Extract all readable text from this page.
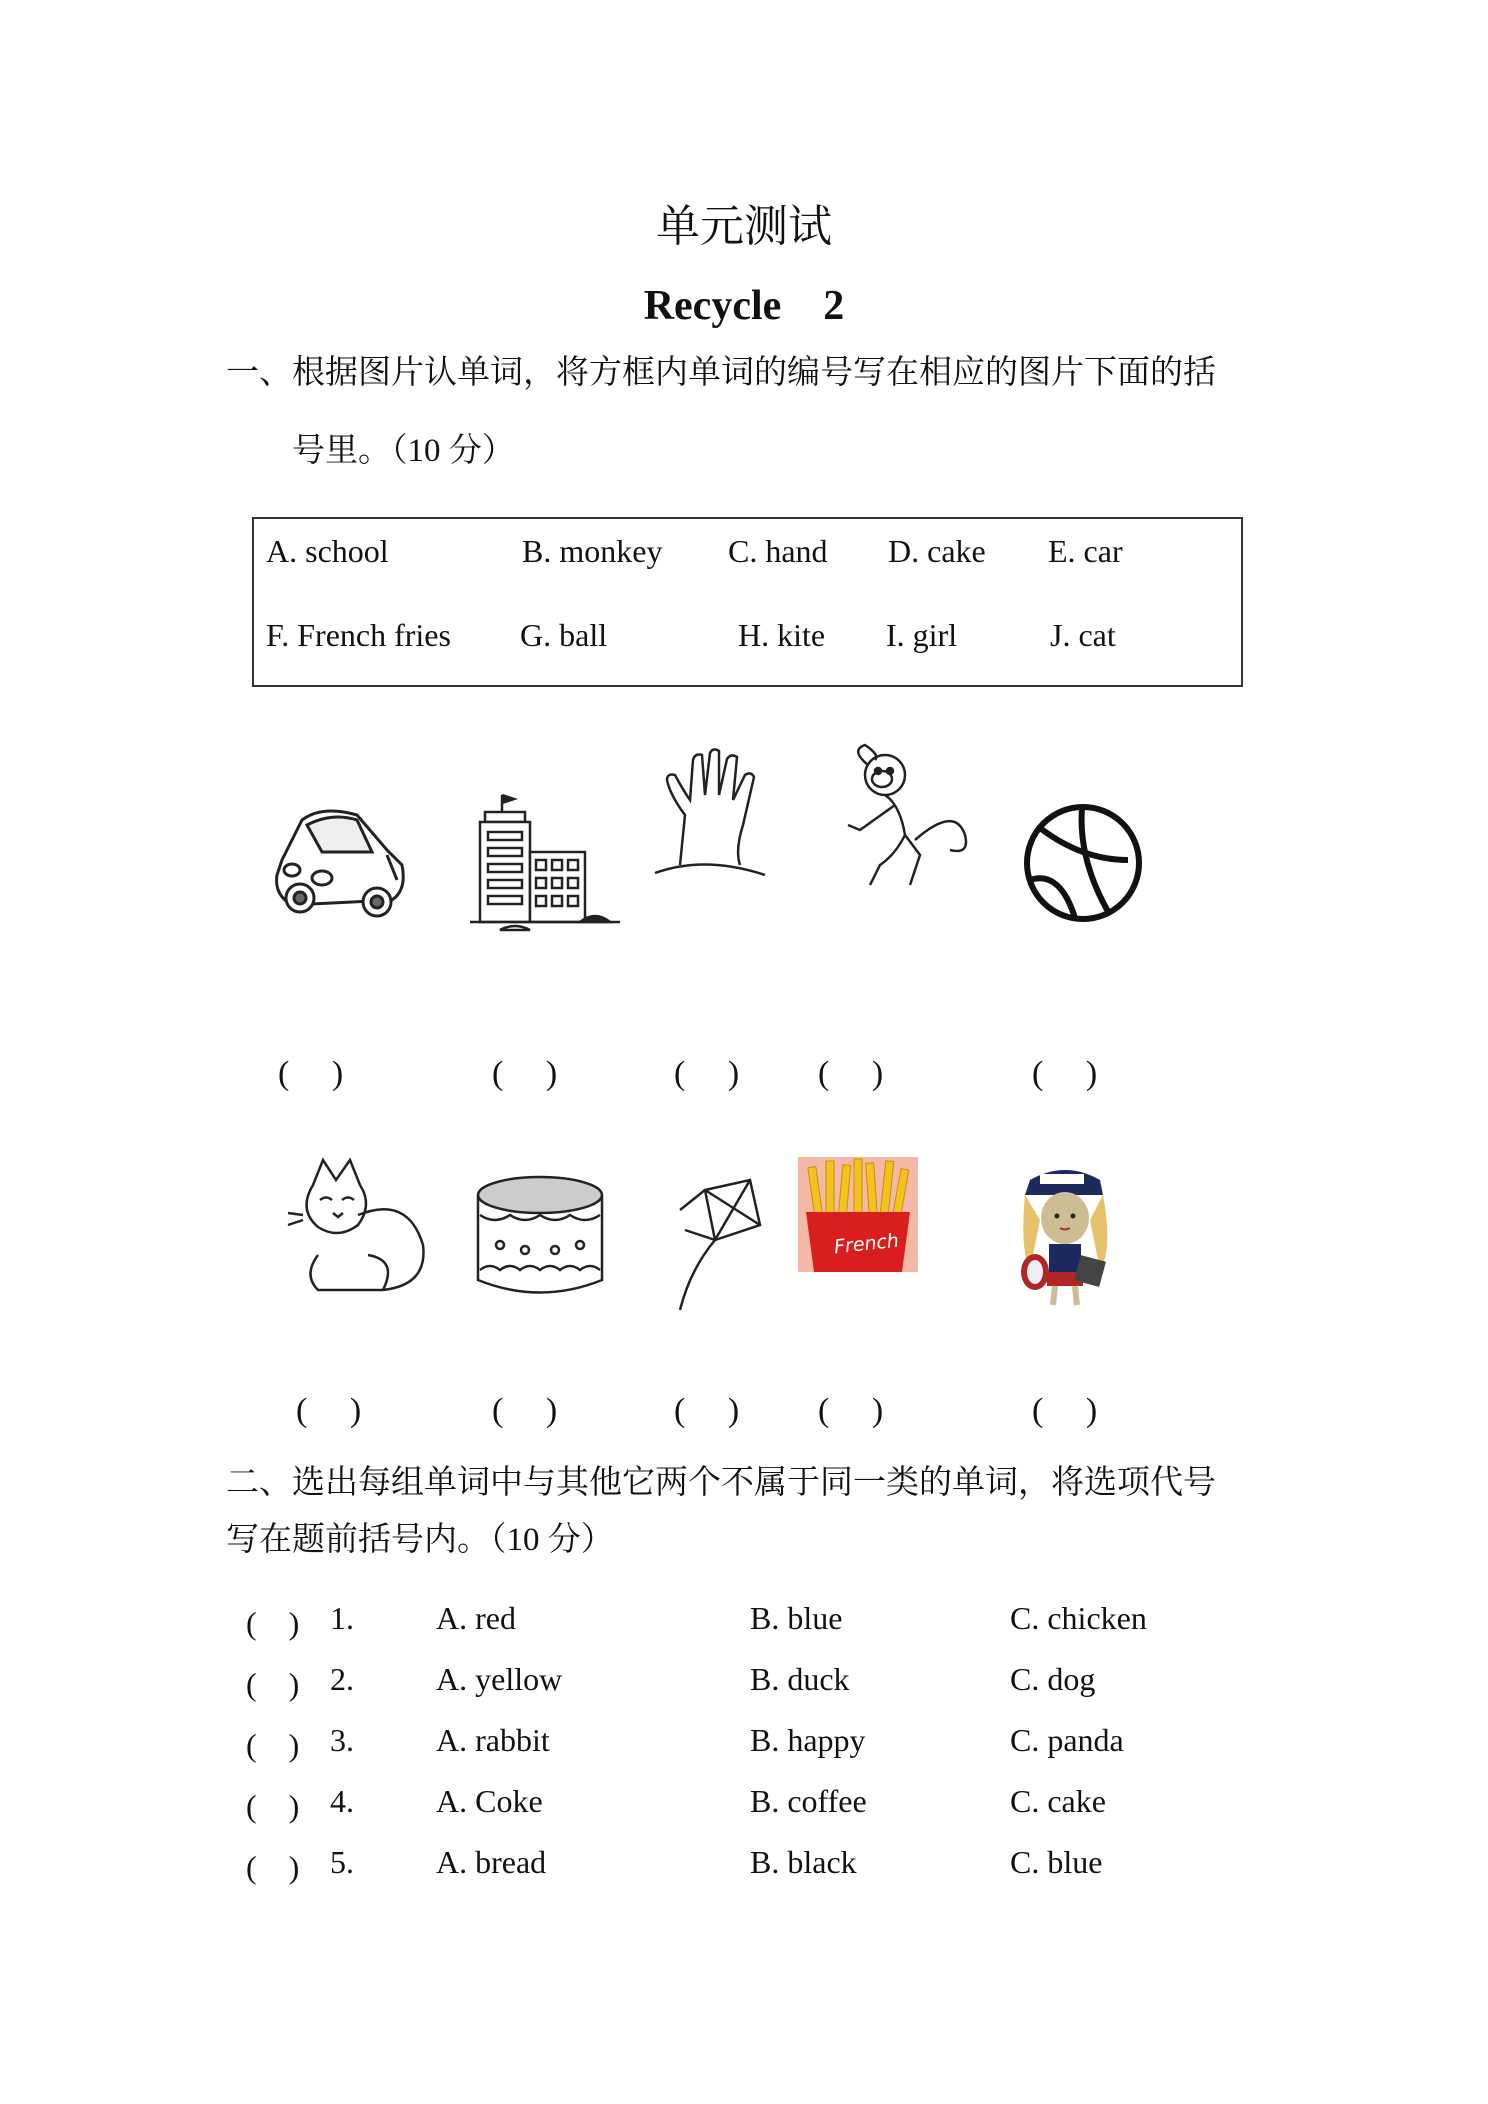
单元测试
Recycle　2
一、根据图片认单词，将方框内单词的编号写在相应的图片下面的括
号里。（10 分）
A. school	B. monkey C. hand D. cake E. car
F. French fries G. ball	H. kite I. girl	J. cat
(　 )	(　 )	(　 ) (　 )	(　 )
French
(　 )	(　 )	(　 ) (　 )	(　 )
二、选出每组单词中与其他它两个不属于同一类的单词，将选项代号
写在题前括号内。（10 分）
(　) 1.	A. red	B. blue	C. chicken
(　) 2.	A. yellow	B. duck	C. dog
(　) 3.	A. rabbit	B. happy	C. panda
(　) 4.	A. Coke	B. coffee	C. cake
(　) 5.	A. bread	B. black	C. blue
